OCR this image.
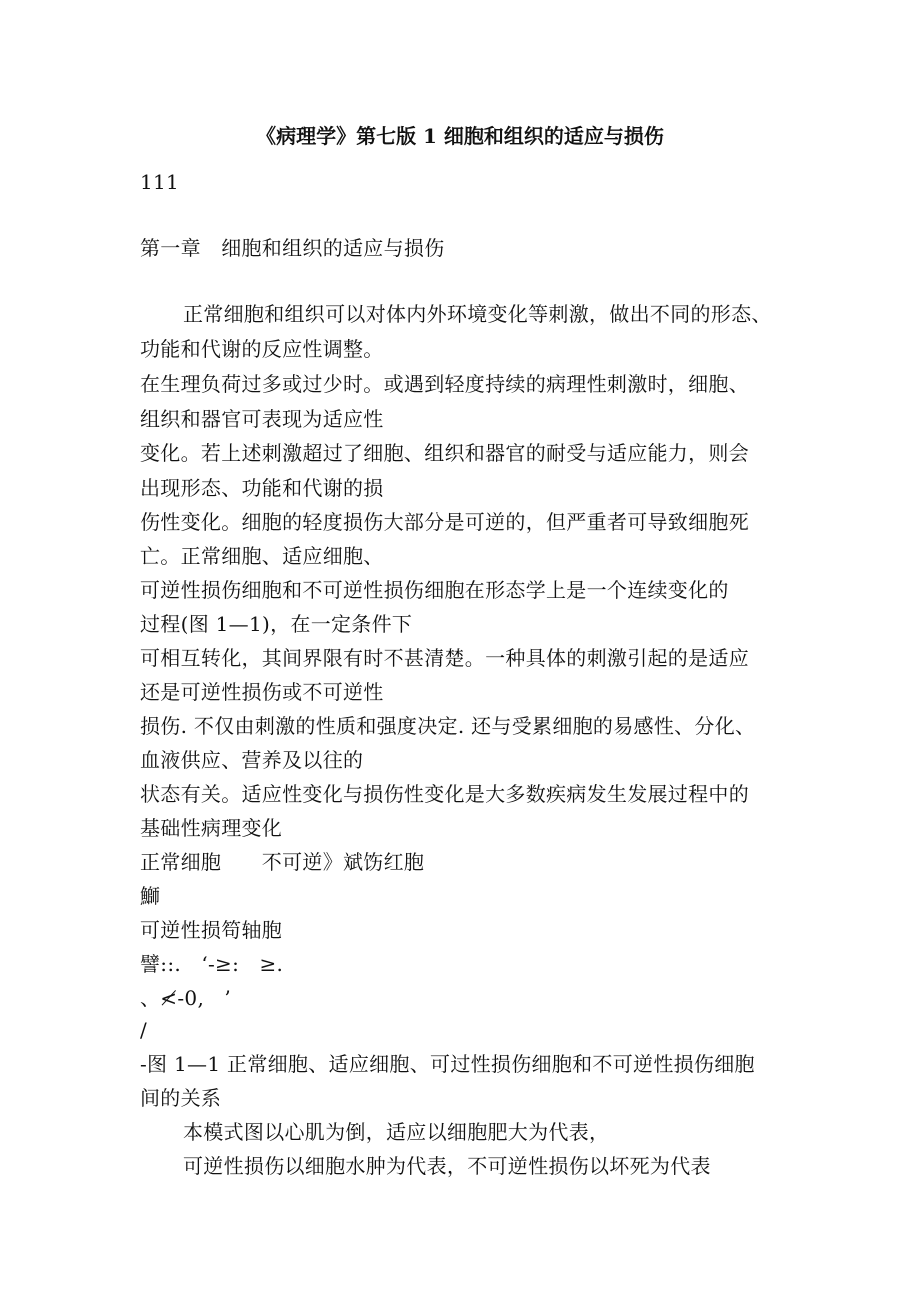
《病理学》第七版 1 细胞和组织的适应与损伤
111
第一章　细胞和组织的适应与损伤
正常细胞和组织可以对体内外环境变化等刺激，做出不同的形态、
功能和代谢的反应性调整。
在生理负荷过多或过少时。或遇到轻度持续的病理性刺激时，细胞、
组织和器官可表现为适应性
变化。若上述刺激超过了细胞、组织和器官的耐受与适应能力，则会
出现形态、功能和代谢的损
伤性变化。细胞的轻度损伤大部分是可逆的，但严重者可导致细胞死
亡。正常细胞、适应细胞、
可逆性损伤细胞和不可逆性损伤细胞在形态学上是一个连续变化的
过程(图 1—1)，在一定条件下
可相互转化，其间界限有时不甚清楚。一种具体的刺激引起的是适应
还是可逆性损伤或不可逆性
损伤. 不仅由刺激的性质和强度决定. 还与受累细胞的易感性、分化、
血液供应、营养及以往的
状态有关。适应性变化与损伤性变化是大多数疾病发生发展过程中的
基础性病理变化
正常细胞　　不可逆》斌饬红胞
鰤
可逆性损笱轴胞
譬::.　‘-≥:　≥.
、≮-0,　’
/
-图 1—1 正常细胞、适应细胞、可过性损伤细胞和不可逆性损伤细胞
间的关系
本模式图以心肌为倒，适应以细胞肥大为代表，
可逆性损伤以细胞水肿为代表，不可逆性损伤以坏死为代表
